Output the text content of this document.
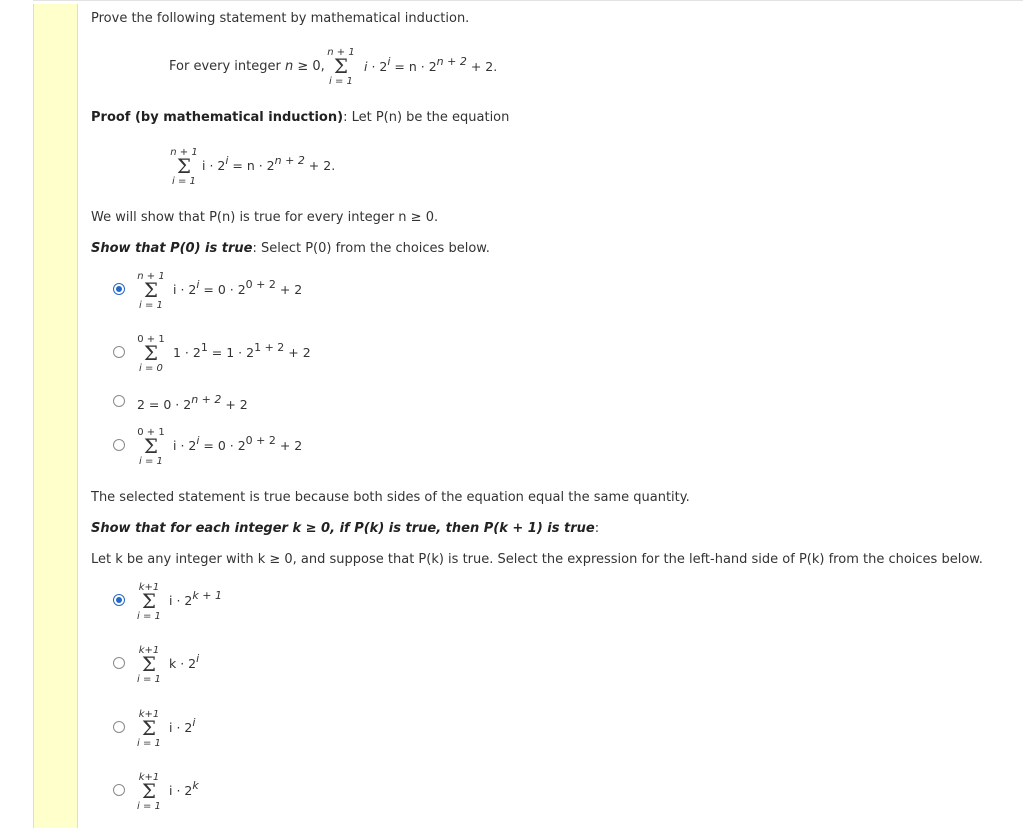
Prove the following statement by mathematical induction.
For every integer n ≥ 0,
n + 1
Σ
i = 1
i · 2i = n · 2n + 2 + 2.
Proof (by mathematical induction): Let P(n) be the equation
n + 1
Σ
i = 1
i · 2i = n · 2n + 2 + 2.
We will show that P(n) is true for every integer n ≥ 0.
Show that P(0) is true: Select P(0) from the choices below.
n + 1
Σ
i = 1
i · 2i = 0 · 20 + 2 + 2
0 + 1
Σ
i = 0
1 · 21 = 1 · 21 + 2 + 2
2 = 0 · 2n + 2 + 2
0 + 1
Σ
i = 1
i · 2i = 0 · 20 + 2 + 2
The selected statement is true because both sides of the equation equal the same quantity.
Show that for each integer k ≥ 0, if P(k) is true, then P(k + 1) is true:
Let k be any integer with k ≥ 0, and suppose that P(k) is true. Select the expression for the left-hand side of P(k) from the choices below.
k+1
Σ
i = 1
i · 2k + 1
k+1
Σ
i = 1
k · 2i
k+1
Σ
i = 1
i · 2i
k+1
Σ
i = 1
i · 2k
